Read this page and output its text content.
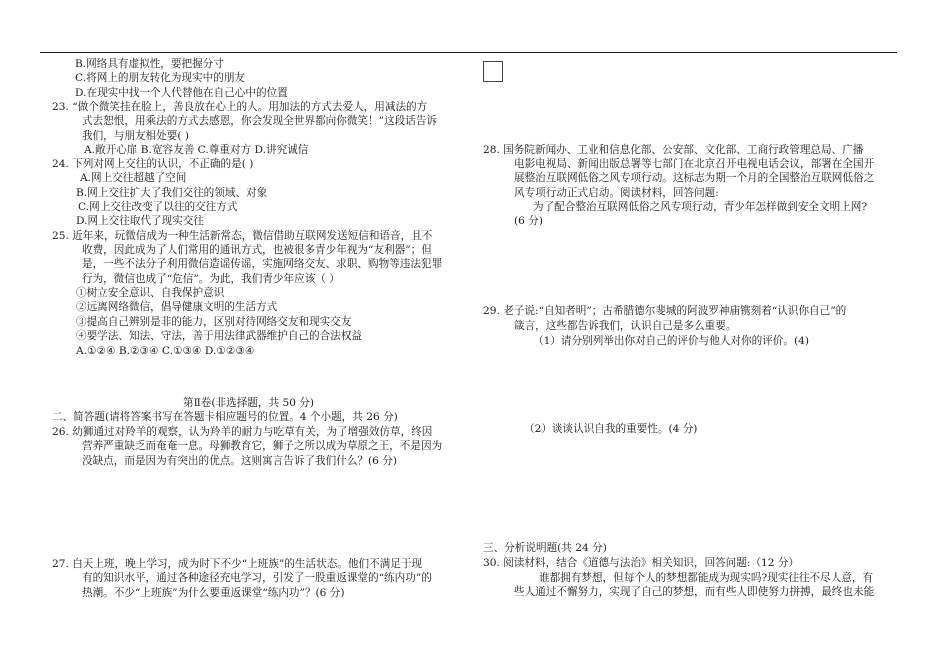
B.网络具有虚拟性，要把握分寸
C.将网上的朋友转化为现实中的朋友
D.在现实中找一个人代替他在自己心中的位置
23. “做个微笑挂在脸上，善良放在心上的人。用加法的方式去爱人，用减法的方
式去恕恨，用乘法的方式去感恩，你会发现全世界都向你微笑！”这段话告诉
我们，与朋友相处要( )
A.敞开心扉 B.宽容友善 C.尊重对方 D.讲究诚信
24. 下列对网上交往的认识，不正确的是( )
A.网上交往超越了空间
B.网上交往扩大了我们交往的领域、对象
C.网上交往改变了以往的交往方式
D.网上交往取代了现实交往
25. 近年来，玩微信成为一种生活新常态，微信借助互联网发送短信和语音，且不
收费，因此成为了人们常用的通讯方式，也被很多青少年视为“友利器”；但
是，一些不法分子利用微信造谣传谣，实施网络交友、求职、购物等违法犯罪
行为，微信也成了“危信”。为此，我们青少年应该（ ）
①树立安全意识、自我保护意识
②远离网络微信，倡导健康文明的生活方式
③提高自己辨别是非的能力，区别对待网络交友和现实交友
④要学法、知法、守法，善于用法律武器维护自己的合法权益
A.①②④ B.②③④ C.①③④ D.①②③④
第Ⅱ卷(非选择题，共 50 分)
二、简答题(请将答案书写在答题卡相应题号的位置。4 个小题，共 26 分)
26. 幼狮通过对羚羊的观察，认为羚羊的耐力与吃草有关，为了增强效仿草，终因
营养严重缺乏而奄奄一息。母狮教育它，狮子之所以成为草原之王，不是因为
没缺点，而是因为有突出的优点。这则寓言告诉了我们什么？(6 分)
27. 白天上班，晚上学习，成为时下不少“上班族”的生活状态。他们不满足于现
有的知识水平，通过各种途径充电学习，引发了一股重返课堂的“练内功”的
热潮。不少“上班族”为什么要重返课堂“练内功”？(6 分)
28. 国务院新闻办、工业和信息化部、公安部、文化部、工商行政管理总局、广播
电影电视局、新闻出版总署等七部门在北京召开电视电话会议，部署在全国开
展整治互联网低俗之风专项行动。这标志为期一个月的全国整治互联网低俗之
风专项行动正式启动。阅读材料，回答问题:
为了配合整治互联网低俗之风专项行动，青少年怎样做到安全文明上网?
(6 分)
29. 老子说:“自知者明”；古希腊德尔斐城的阿波罗神庙镌刻着“认识你自己”的
箴言，这些都告诉我们，认识自己是多么重要。
（1）请分别列举出你对自己的评价与他人对你的评价。(4)
（2）谈谈认识自我的重要性。(4 分)
三、分析说明题(共 24 分)
30. 阅读材料，结合《道德与法治》相关知识，回答问题:（12 分）
谁都拥有梦想，但每个人的梦想都能成为现实吗?现实往往不尽人意，有
些人通过不懈努力，实现了自己的梦想，而有些人即使努力拼搏，最终也未能
